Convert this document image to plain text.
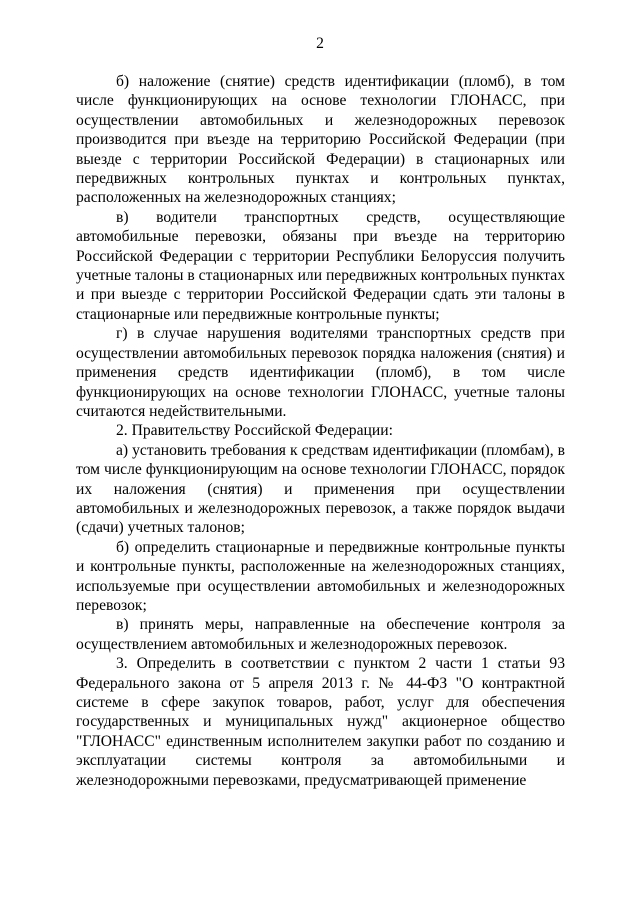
2

б) наложение (снятие) средств идентификации (пломб), в том числе функционирующих на основе технологии ГЛОНАСС, при осуществлении автомобильных и железнодорожных перевозок производится при въезде на территорию Российской Федерации (при выезде с территории Российской Федерации) в стационарных или передвижных контрольных пунктах и контрольных пунктах, расположенных на железнодорожных станциях;

в) водители транспортных средств, осуществляющие автомобильные перевозки, обязаны при въезде на территорию Российской Федерации с территории Республики Белоруссия получить учетные талоны в стационарных или передвижных контрольных пунктах и при выезде с территории Российской Федерации сдать эти талоны в стационарные или передвижные контрольные пункты;

г) в случае нарушения водителями транспортных средств при осуществлении автомобильных перевозок порядка наложения (снятия) и применения средств идентификации (пломб), в том числе функционирующих на основе технологии ГЛОНАСС, учетные талоны считаются недействительными.

2. Правительству Российской Федерации:

а) установить требования к средствам идентификации (пломбам), в том числе функционирующим на основе технологии ГЛОНАСС, порядок их наложения (снятия) и применения при осуществлении автомобильных и железнодорожных перевозок, а также порядок выдачи (сдачи) учетных талонов;

б) определить стационарные и передвижные контрольные пункты и контрольные пункты, расположенные на железнодорожных станциях, используемые при осуществлении автомобильных и железнодорожных перевозок;

в) принять меры, направленные на обеспечение контроля за осуществлением автомобильных и железнодорожных перевозок.

3. Определить в соответствии с пунктом 2 части 1 статьи 93 Федерального закона от 5 апреля 2013 г. № 44-ФЗ "О контрактной системе в сфере закупок товаров, работ, услуг для обеспечения государственных и муниципальных нужд" акционерное общество "ГЛОНАСС" единственным исполнителем закупки работ по созданию и эксплуатации системы контроля за автомобильными и железнодорожными перевозками, предусматривающей применение
